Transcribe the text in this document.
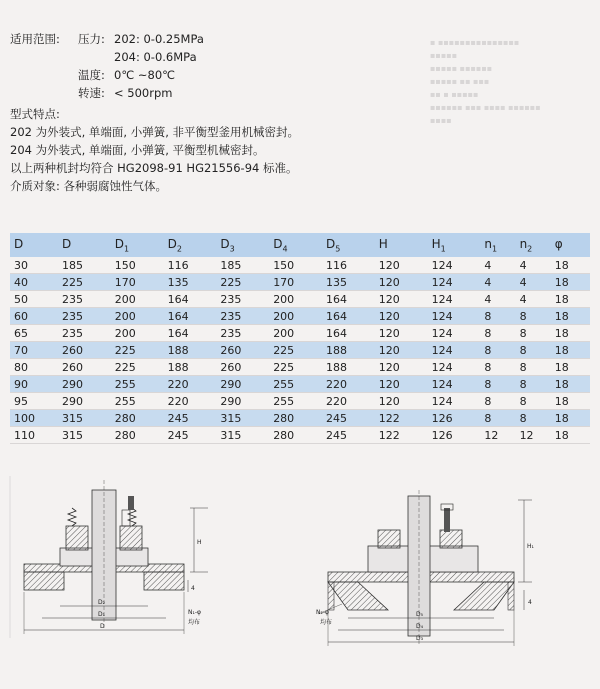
▪ ▪▪▪▪▪▪▪▪▪▪▪▪▪▪▪
▪▪▪▪▪
▪▪▪▪▪ ▪▪▪▪▪▪
▪▪▪▪▪ ▪▪ ▪▪▪
▪▪ ▪ ▪▪▪▪▪
▪▪▪▪▪▪ ▪▪▪ ▪▪▪▪ ▪▪▪▪▪▪
▪▪▪▪
适用范围:	压力: 202: 0-0.25MPa
204: 0-0.6MPa
温度: 0℃ ~80℃
转速: < 500rpm
型式特点:
202 为外装式, 单端面, 小弹簧, 非平衡型釜用机械密封。
204 为外装式, 单端面, 小弹簧, 平衡型机械密封。
以上两种机封均符合 HG2098-91 HG21556-94 标准。
介质对象: 各种弱腐蚀性气体。
D	D	$D_1$	$D_2$	$D_3$	$D_4$	$D_5$	H	$H_1$	$n_1$	$n_2$	φ
30	185	150	116	185	150	116	120	124	4	4	18
40	225	170	135	225	170	135	120	124	4	4	18
50	235	200	164	235	200	164	120	124	4	4	18
60	235	200	164	235	200	164	120	124	8	8	18
65	235	200	164	235	200	164	120	124	8	8	18
70	260	225	188	260	225	188	120	124	8	8	18
80	260	225	188	260	225	188	120	124	8	8	18
90	290	255	220	290	255	220	120	124	8	8	18
95	290	255	220	290	255	220	120	124	8	8	18
100	315	280	245	315	280	245	122	126	8	8	18
110	315	280	245	315	280	245	122	126	12	12	18
H
4
D₂
D₁
D
N₁-φ
均布
H₁
4
D₅
D₄
D₃
N₂-φ
均布
